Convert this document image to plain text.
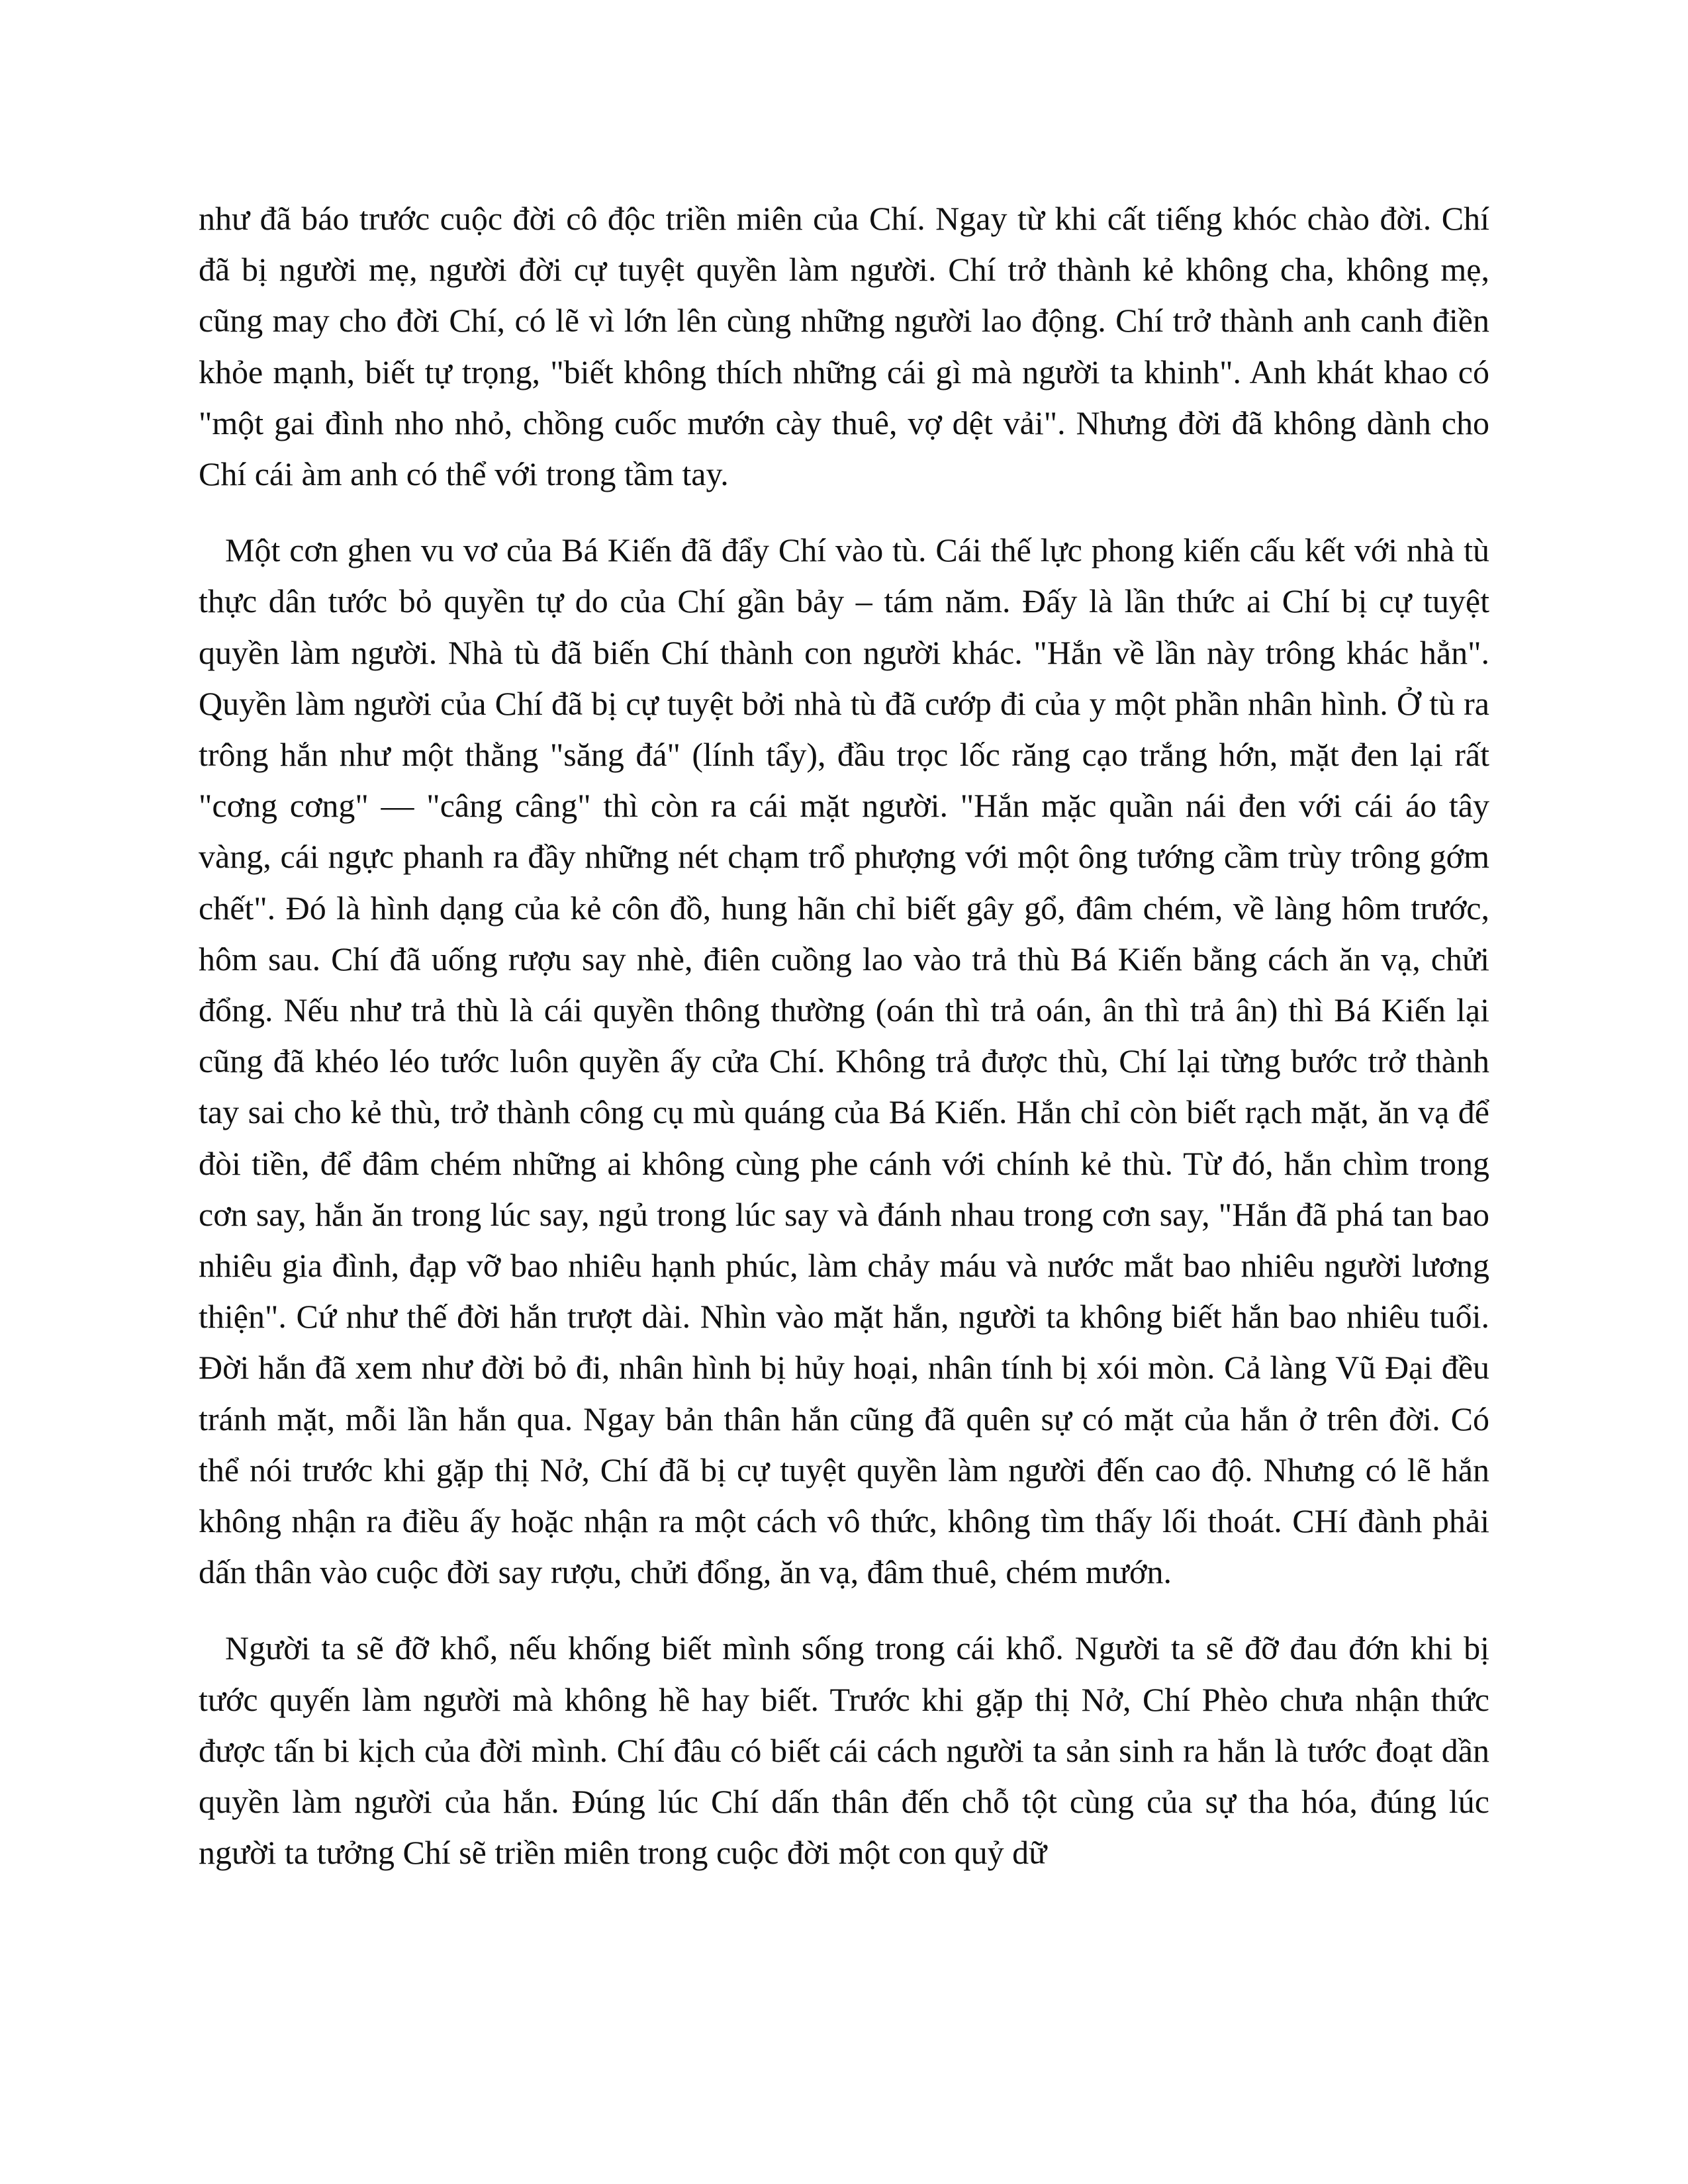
như đã báo trước cuộc đời cô độc triền miên của Chí. Ngay từ khi cất tiếng khóc chào đời. Chí đã bị người mẹ, người đời cự tuyệt quyền làm người. Chí trở thành kẻ không cha, không mẹ, cũng may cho đời Chí, có lẽ vì lớn lên cùng những người lao động. Chí trở thành anh canh điền khỏe mạnh, biết tự trọng, "biết không thích những cái gì mà người ta khinh". Anh khát khao có "một gai đình nho nhỏ, chồng cuốc mướn cày thuê, vợ dệt vải". Nhưng đời đã không dành cho Chí cái àm anh có thể với trong tầm tay.

Một cơn ghen vu vơ của Bá Kiến đã đẩy Chí vào tù. Cái thế lực phong kiến cấu kết với nhà tù thực dân tước bỏ quyền tự do của Chí gần bảy – tám năm. Đấy là lần thức ai Chí bị cự tuyệt quyền làm người. Nhà tù đã biến Chí thành con người khác. "Hắn về lần này trông khác hẳn". Quyền làm người của Chí đã bị cự tuyệt bởi nhà tù đã cướp đi của y một phần nhân hình. Ở tù ra trông hắn như một thằng "săng đá" (lính tẩy), đầu trọc lốc răng cạo trắng hớn, mặt đen lại rất "cơng cơng" — "câng câng" thì còn ra cái mặt người. "Hắn mặc quần nái đen với cái áo tây vàng, cái ngực phanh ra đầy những nét chạm trổ phượng với một ông tướng cầm trùy trông gớm chết". Đó là hình dạng của kẻ côn đồ, hung hãn chỉ biết gây gổ, đâm chém, về làng hôm trước, hôm sau. Chí đã uống rượu say nhè, điên cuồng lao vào trả thù Bá Kiến bằng cách ăn vạ, chửi đổng. Nếu như trả thù là cái quyền thông thường (oán thì trả oán, ân thì trả ân) thì Bá Kiến lại cũng đã khéo léo tước luôn quyền ấy cửa Chí. Không trả được thù, Chí lại từng bước trở thành tay sai cho kẻ thù, trở thành công cụ mù quáng của Bá Kiến. Hắn chỉ còn biết rạch mặt, ăn vạ để đòi tiền, để đâm chém những ai không cùng phe cánh với chính kẻ thù. Từ đó, hắn chìm trong cơn say, hắn ăn trong lúc say, ngủ trong lúc say và đánh nhau trong cơn say, "Hắn đã phá tan bao nhiêu gia đình, đạp vỡ bao nhiêu hạnh phúc, làm chảy máu và nước mắt bao nhiêu người lương thiện". Cứ như thế đời hắn trượt dài. Nhìn vào mặt hắn, người ta không biết hắn bao nhiêu tuổi. Đời hắn đã xem như đời bỏ đi, nhân hình bị hủy hoại, nhân tính bị xói mòn. Cả làng Vũ Đại đều tránh mặt, mỗi lần hắn qua. Ngay bản thân hắn cũng đã quên sự có mặt của hắn ở trên đời. Có thể nói trước khi gặp thị Nở, Chí đã bị cự tuyệt quyền làm người đến cao độ. Nhưng có lẽ hắn không nhận ra điều ấy hoặc nhận ra một cách vô thức, không tìm thấy lối thoát. CHí đành phải dấn thân vào cuộc đời say rượu, chửi đổng, ăn vạ, đâm thuê, chém mướn.

Người ta sẽ đỡ khổ, nếu khống biết mình sống trong cái khổ. Người ta sẽ đỡ đau đớn khi bị tước quyến làm người mà không hề hay biết. Trước khi gặp thị Nở, Chí Phèo chưa nhận thức được tấn bi kịch của đời mình. Chí đâu có biết cái cách người ta sản sinh ra hắn là tước đoạt dần quyền làm người của hắn. Đúng lúc Chí dấn thân đến chỗ tột cùng của sự tha hóa, đúng lúc người ta tưởng Chí sẽ triền miên trong cuộc đời một con quỷ dữ
